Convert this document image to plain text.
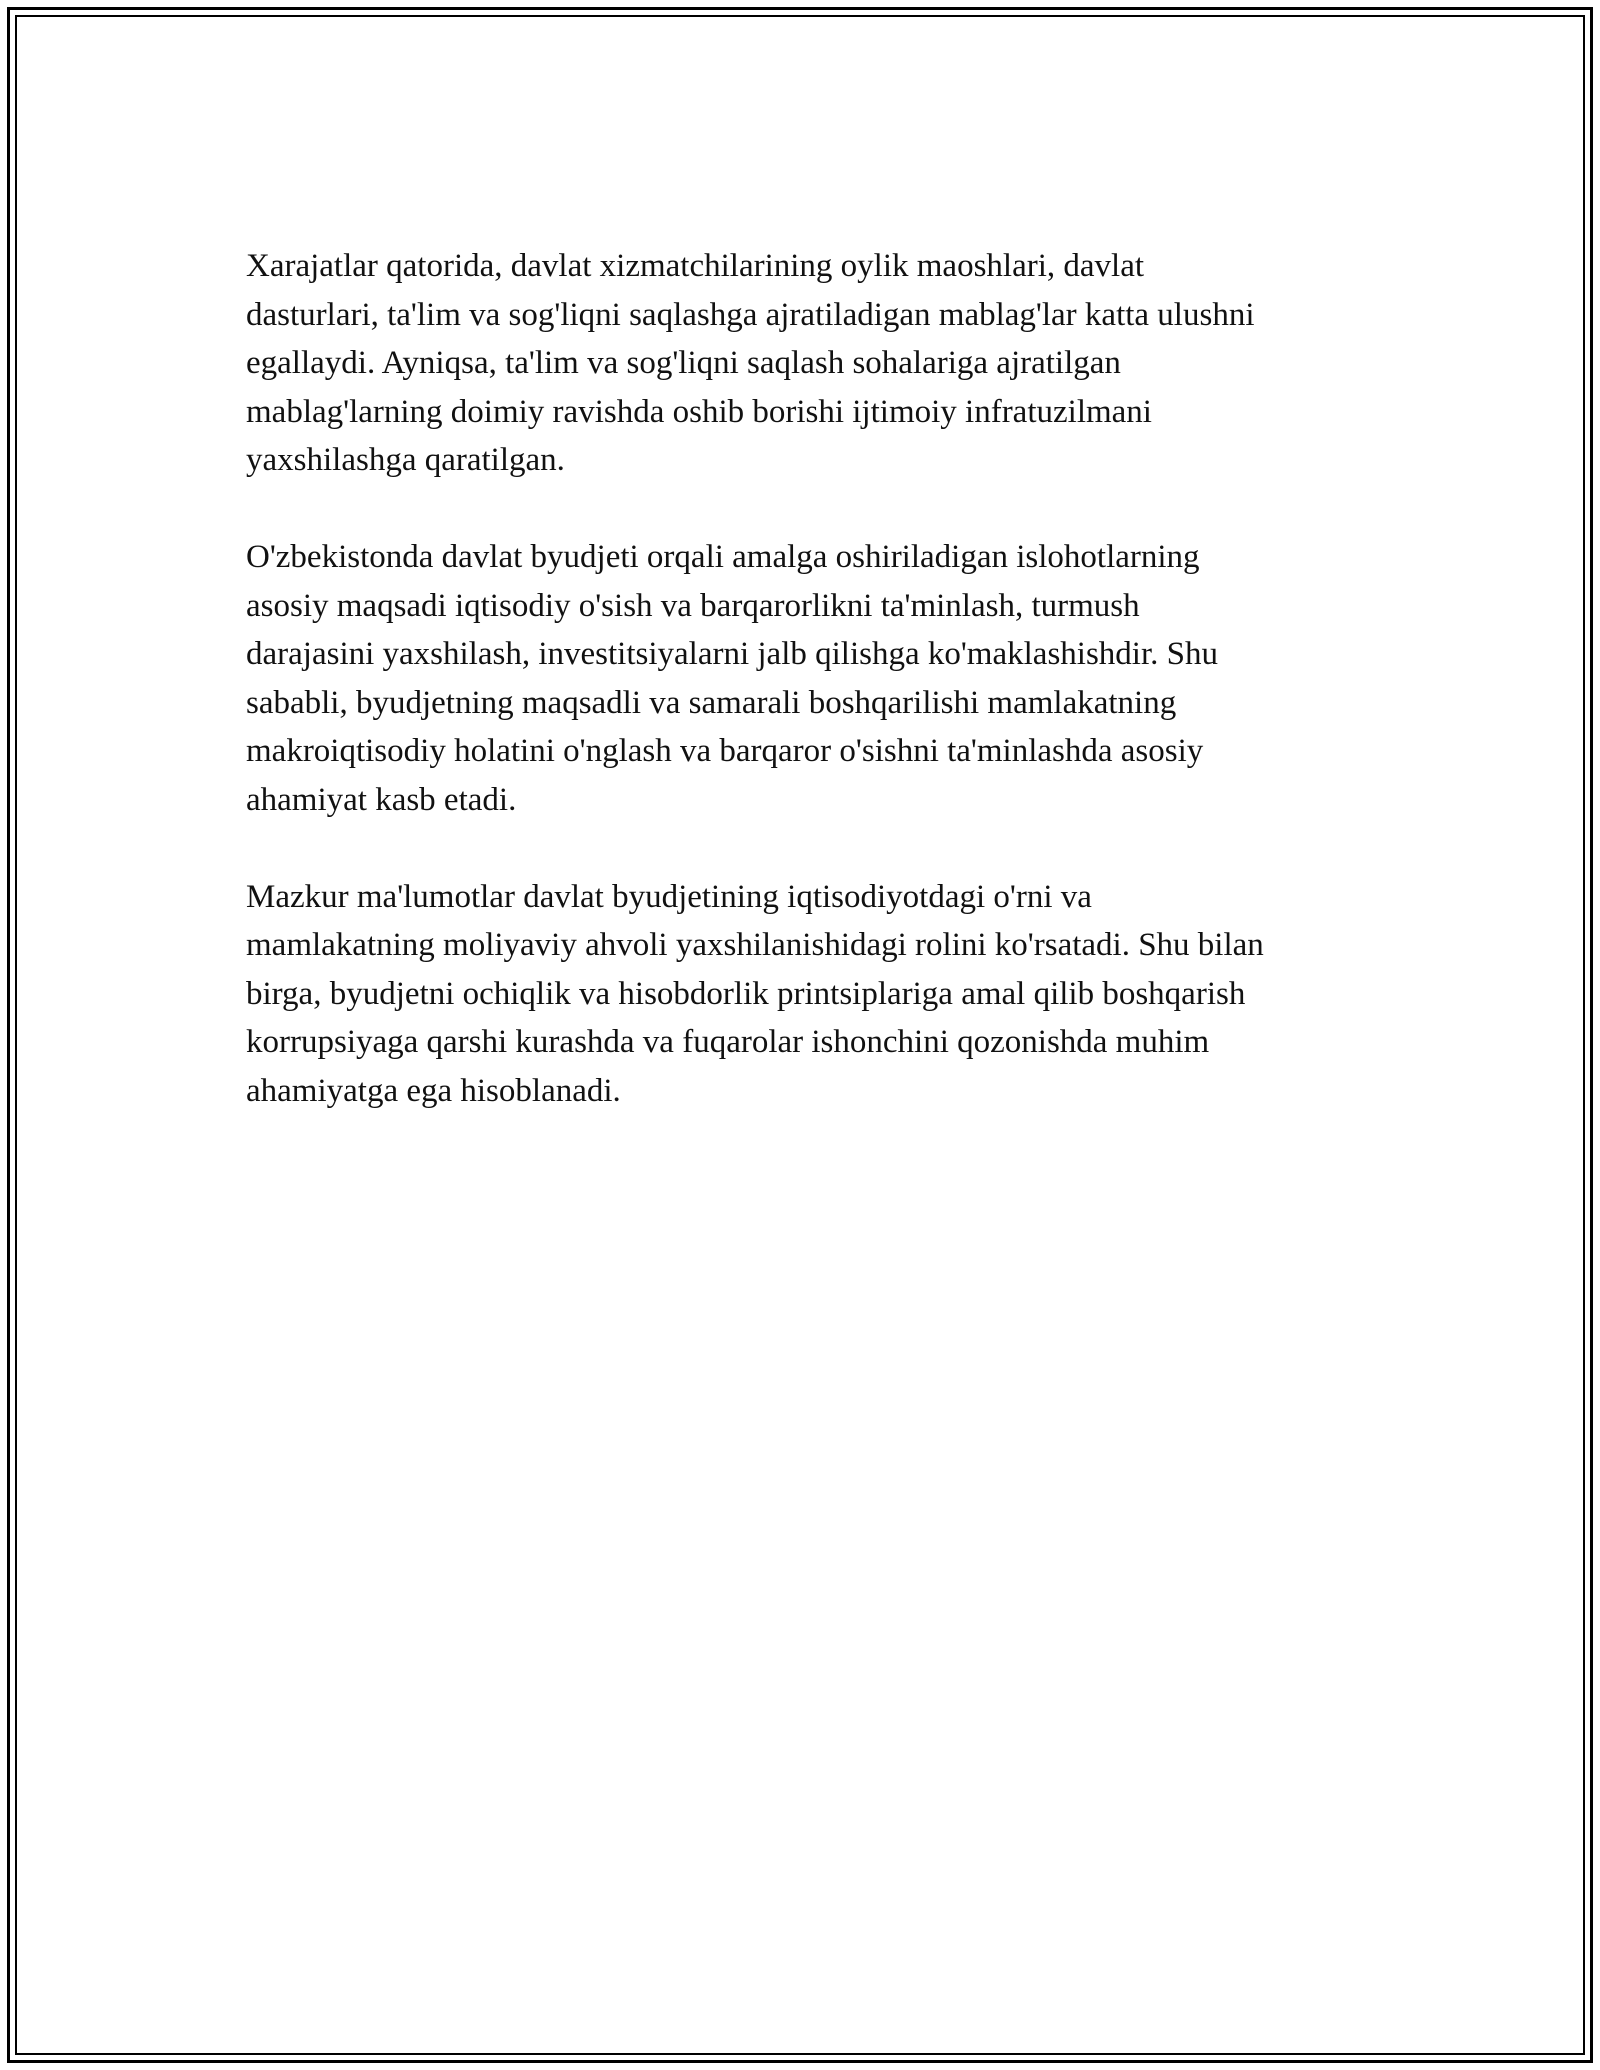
Xarajatlar qatorida, davlat xizmatchilarining oylik maoshlari, davlat
dasturlari, ta'lim va sog'liqni saqlashga ajratiladigan mablag'lar katta ulushni
egallaydi. Ayniqsa, ta'lim va sog'liqni saqlash sohalariga ajratilgan
mablag'larning doimiy ravishda oshib borishi ijtimoiy infratuzilmani
yaxshilashga qaratilgan.

O'zbekistonda davlat byudjeti orqali amalga oshiriladigan islohotlarning
asosiy maqsadi iqtisodiy o'sish va barqarorlikni ta'minlash, turmush
darajasini yaxshilash, investitsiyalarni jalb qilishga ko'maklashishdir. Shu
sababli, byudjetning maqsadli va samarali boshqarilishi mamlakatning
makroiqtisodiy holatini o'nglash va barqaror o'sishni ta'minlashda asosiy
ahamiyat kasb etadi.

Mazkur ma'lumotlar davlat byudjetining iqtisodiyotdagi o'rni va
mamlakatning moliyaviy ahvoli yaxshilanishidagi rolini ko'rsatadi. Shu bilan
birga, byudjetni ochiqlik va hisobdorlik printsiplariga amal qilib boshqarish
korrupsiyaga qarshi kurashda va fuqarolar ishonchini qozonishda muhim
ahamiyatga ega hisoblanadi.
